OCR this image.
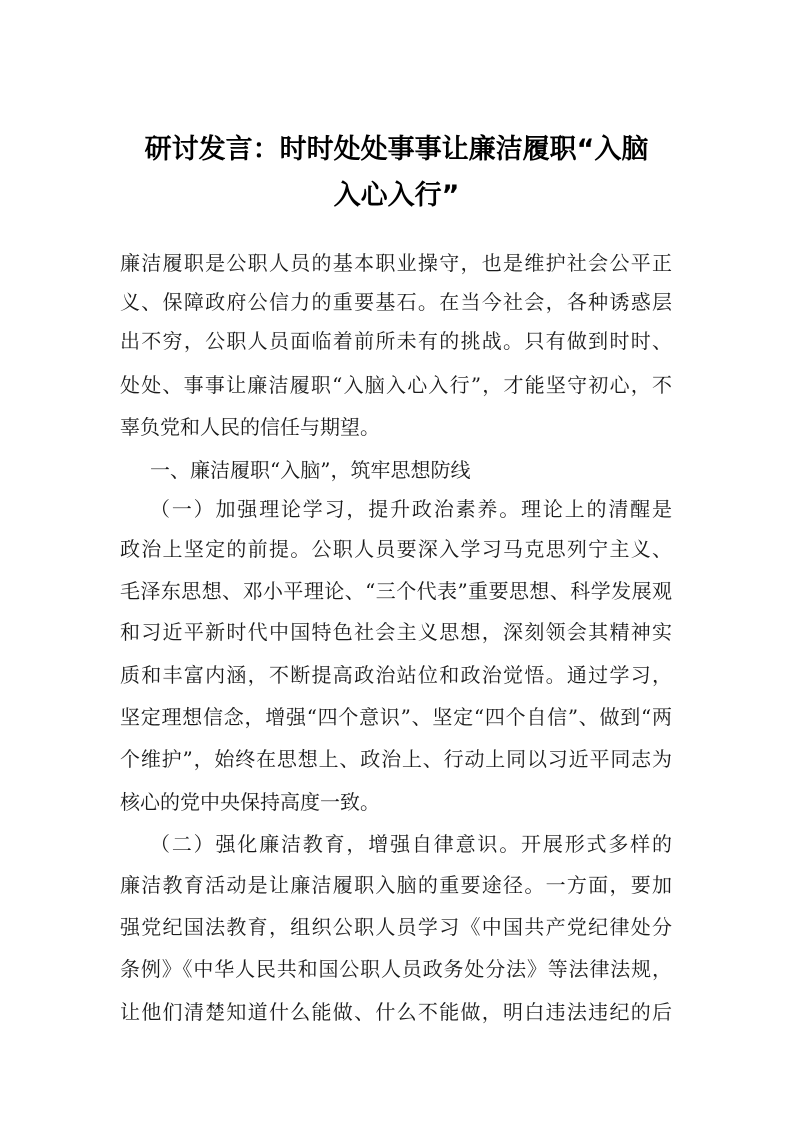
研讨发言：时时处处事事让廉洁履职“入脑
入心入行”
廉洁履职是公职人员的基本职业操守，也是维护社会公平正
义、保障政府公信力的重要基石。在当今社会，各种诱惑层
出不穷，公职人员面临着前所未有的挑战。只有做到时时、
处处、事事让廉洁履职“入脑入心入行”，才能坚守初心，不
辜负党和人民的信任与期望。
一、廉洁履职“入脑”，筑牢思想防线
（一）加强理论学习，提升政治素养。理论上的清醒是
政治上坚定的前提。公职人员要深入学习马克思列宁主义、
毛泽东思想、邓小平理论、“三个代表”重要思想、科学发展观
和习近平新时代中国特色社会主义思想，深刻领会其精神实
质和丰富内涵，不断提高政治站位和政治觉悟。通过学习，
坚定理想信念，增强“四个意识”、坚定“四个自信”、做到“两
个维护”，始终在思想上、政治上、行动上同以习近平同志为
核心的党中央保持高度一致。
（二）强化廉洁教育，增强自律意识。开展形式多样的
廉洁教育活动是让廉洁履职入脑的重要途径。一方面，要加
强党纪国法教育，组织公职人员学习《中国共产党纪律处分
条例》《中华人民共和国公职人员政务处分法》等法律法规，
让他们清楚知道什么能做、什么不能做，明白违法违纪的后
